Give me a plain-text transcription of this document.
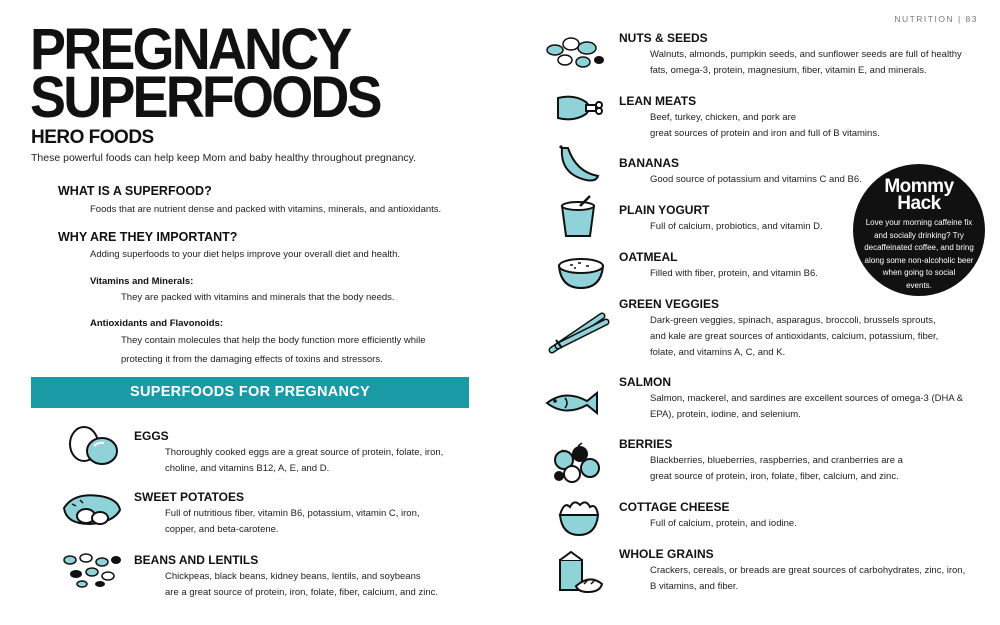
NUTRITION | 83
PREGNANCY
SUPERFOODS
HERO FOODS
These powerful foods can help keep Mom and baby healthy throughout pregnancy.
WHAT IS A SUPERFOOD?
Foods that are nutrient dense and packed with vitamins, minerals, and antioxidants.
WHY ARE THEY IMPORTANT?
Adding superfoods to your diet helps improve your overall diet and health.
Vitamins and Minerals:
They are packed with vitamins and minerals that the body needs.
Antioxidants and Flavonoids:
They contain molecules that help the body function more efficiently while
protecting it from the damaging effects of toxins and stressors.
SUPERFOODS FOR PREGNANCY
EGGS
Thoroughly cooked eggs are a great source of protein, folate, iron,
choline, and vitamins B12, A, E, and D.
SWEET POTATOES
Full of nutritious fiber, vitamin B6, potassium, vitamin C, iron,
copper, and beta-carotene.
BEANS AND LENTILS
Chickpeas, black beans, kidney beans, lentils, and soybeans
are a great source of protein, iron, folate, fiber, calcium, and zinc.
NUTS & SEEDS
Walnuts, almonds, pumpkin seeds, and sunflower seeds are full of healthy
fats, omega-3, protein, magnesium, fiber, vitamin E, and minerals.
LEAN MEATS
Beef, turkey, chicken, and pork are
great sources of protein and iron and full of B vitamins.
BANANAS
Good source of potassium and vitamins C and B6.
PLAIN YOGURT
Full of calcium, probiotics, and vitamin D.
OATMEAL
Filled with fiber, protein, and vitamin B6.
GREEN VEGGIES
Dark-green veggies, spinach, asparagus, broccoli, brussels sprouts,
and kale are great sources of antioxidants, calcium, potassium, fiber,
folate, and vitamins A, C, and K.
SALMON
Salmon, mackerel, and sardines are excellent sources of omega-3 (DHA &
EPA), protein, iodine, and selenium.
BERRIES
Blackberries, blueberries, raspberries, and cranberries are a
great source of protein, iron, folate, fiber, calcium, and zinc.
COTTAGE CHEESE
Full of calcium, protein, and iodine.
WHOLE GRAINS
Crackers, cereals, or breads are great sources of carbohydrates, zinc, iron,
B vitamins, and fiber.
Mommy
Hack
Love your morning caffeine fix
and socially drinking? Try
decaffeinated coffee, and bring
along some non-alcoholic beer
when going to social
events.
